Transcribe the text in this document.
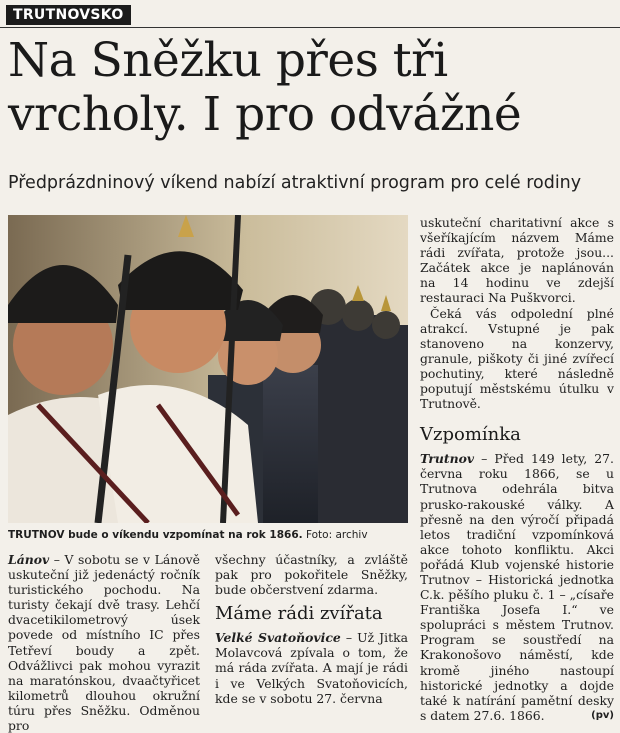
TRUTNOVSKO
Na Sněžku přes tři vrcholy. I pro odvážné
Předprázdninový víkend nabízí atraktivní program pro celé rodiny
TRUTNOV bude o víkendu vzpomínat na rok 1866. Foto: archiv

Lánov – V sobotu se v Lánově uskuteční již jedenáctý ročník turistického pochodu. Na turisty čekají dvě trasy. Lehčí dvacetikilometrový úsek povede od místního IC přes Tetřeví boudy a zpět. Odvážlivci pak mohou vyrazit na maratónskou, dvaačtyřicet kilometrů dlouhou okružní túru přes Sněžku. Odměnou pro

všechny účastníky, a zvláště pak pro pokořitele Sněžky, bude občerstvení zdarma.

Máme rádi zvířata

Velké Svatoňovice – Už Jitka Molavcová zpívala o tom, že má ráda zvířata. A mají je rádi i ve Velkých Svatoňovicích, kde se v sobotu 27. června

uskuteční charitativní akce s všeříkajícím názvem Máme rádi zvířata, protože jsou... Začátek akce je naplánován na 14 hodinu ve zdejší restauraci Na Puškvorci.

Čeká vás odpolední plné atrakcí. Vstupné je pak stanoveno na konzervy, granule, piškoty či jiné zvířecí pochutiny, které následně poputují městskému útulku v Trutnově.

Vzpomínka

Trutnov – Před 149 lety, 27. června roku 1866, se u Trutnova odehrála bitva prusko-rakouské války. A přesně na den výročí připadá letos tradiční vzpomínková akce tohoto konfliktu. Akci pořádá Klub vojenské historie Trutnov – Historická jednotka C.k. pěšího pluku č. 1 – „císaře Františka Josefa I.“ ve spolupráci s městem Trutnov. Program se soustředí na Krakonošovo náměstí, kde kromě jiného nastoupí historické jednotky a dojde také k natírání pamětní desky s datem 27.6. 1866.	(pv)
